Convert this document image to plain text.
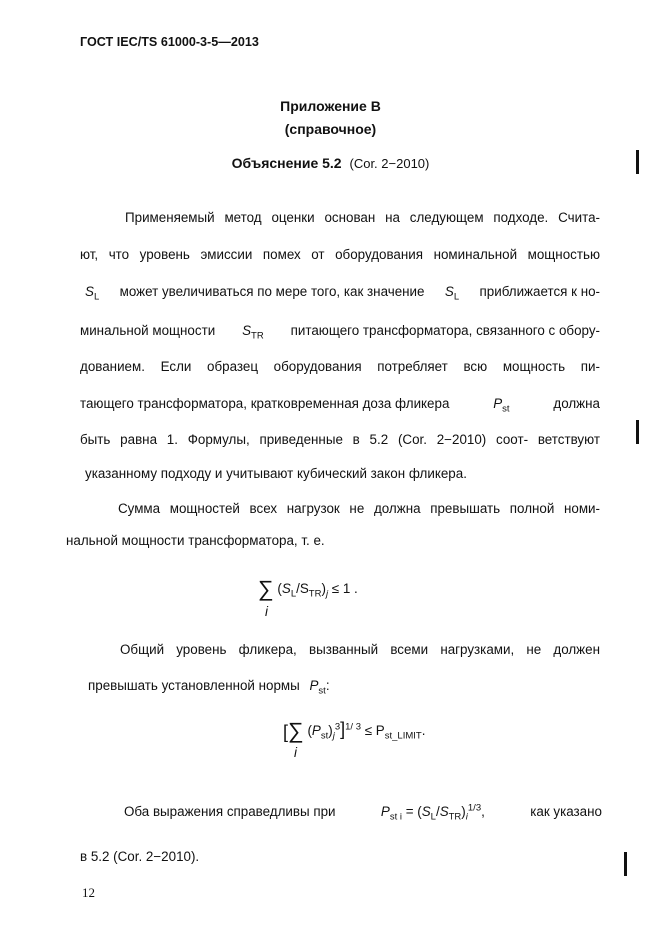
ГОСТ IEC/TS 61000-3-5—2013
Приложение В
(справочное)
Объяснение 5.2 (Cor. 2−2010)
Применяемый метод оценки основан на следующем подходе. Счита-
ют, что уровень эмиссии помех от оборудования номинальной мощностью
$S_L$ может увеличиваться по мере того, как значение $S_L$ приближается к но-
минальной мощности $S_{TR}$ питающего трансформатора, связанного с обору-
дованием. Если образец оборудования потребляет всю мощность пи-
тающего трансформатора, кратковременная доза фликера	$P_{st}$	должна
быть равна 1. Формулы, приведенные в 5.2 (Cor. 2−2010) соот- ветствуют
указанному подходу и учитывают кубический закон фликера.
Сумма мощностей всех нагрузок не должна превышать полной номи-
нальной мощности трансформатора, т. е.
∑ $(S_L/S_{TR})_j \le 1$ .
i
Общий уровень фликера, вызванный всеми нагрузками, не должен
превышать установленной нормы $P_{st}$:
[∑ $(P_{st})_j^3]^{1/ 3} \le P_{st\_LIMIT}$.
i
Оба выражения справедливы при	$P_{st i} = (S_L/S_{TR})_i^{1/3}$,	как указано
в 5.2 (Cor. 2−2010).
12
